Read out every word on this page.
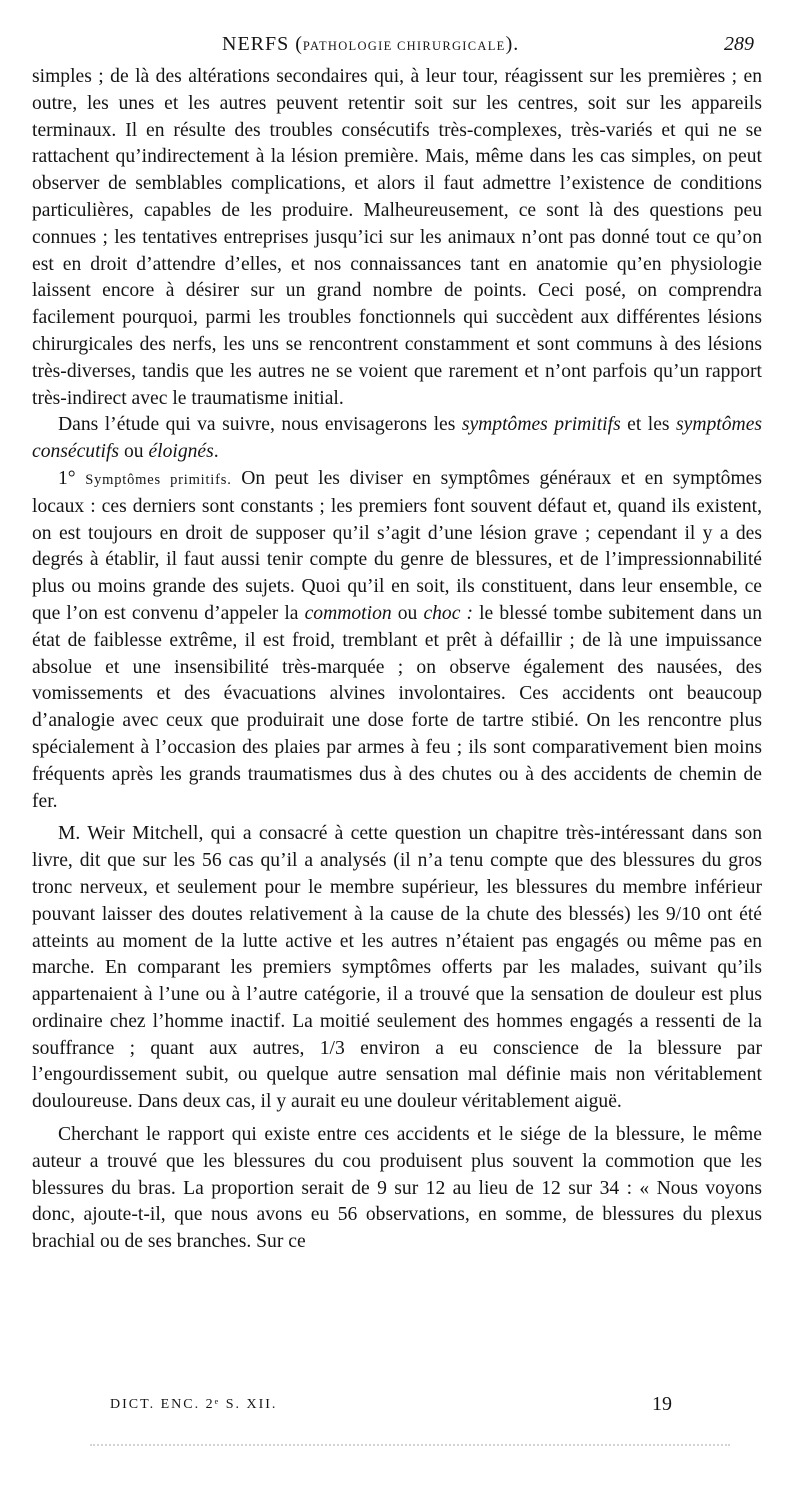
NERFS (PATHOLOGIE CHIRURGICALE).	289

simples ; de là des altérations secondaires qui, à leur tour, réagissent sur les premières ; en outre, les unes et les autres peuvent retentir soit sur les centres, soit sur les appareils terminaux. Il en résulte des troubles consécutifs très-complexes, très-variés et qui ne se rattachent qu’indirectement à la lésion première. Mais, même dans les cas simples, on peut observer de semblables complications, et alors il faut admettre l’existence de conditions particulières, capables de les produire. Malheureusement, ce sont là des questions peu connues ; les tentatives entreprises jusqu’ici sur les animaux n’ont pas donné tout ce qu’on est en droit d’attendre d’elles, et nos connaissances tant en anatomie qu’en physiologie laissent encore à désirer sur un grand nombre de points. Ceci posé, on comprendra facilement pourquoi, parmi les troubles fonctionnels qui succèdent aux différentes lésions chirurgicales des nerfs, les uns se rencontrent constamment et sont communs à des lésions très-diverses, tandis que les autres ne se voient que rarement et n’ont parfois qu’un rapport très-indirect avec le traumatisme initial.

Dans l’étude qui va suivre, nous envisagerons les symptômes primitifs et les symptômes consécutifs ou éloignés.

1° Symptômes primitifs. On peut les diviser en symptômes généraux et en symptômes locaux : ces derniers sont constants ; les premiers font souvent défaut et, quand ils existent, on est toujours en droit de supposer qu’il s’agit d’une lésion grave ; cependant il y a des degrés à établir, il faut aussi tenir compte du genre de blessures, et de l’impressionnabilité plus ou moins grande des sujets. Quoi qu’il en soit, ils constituent, dans leur ensemble, ce que l’on est convenu d’appeler la commotion ou choc : le blessé tombe subitement dans un état de faiblesse extrême, il est froid, tremblant et prêt à défaillir ; de là une impuissance absolue et une insensibilité très-marquée ; on observe également des nausées, des vomissements et des évacuations alvines involontaires. Ces accidents ont beaucoup d’analogie avec ceux que produirait une dose forte de tartre stibié. On les rencontre plus spécialement à l’occasion des plaies par armes à feu ; ils sont comparativement bien moins fréquents après les grands traumatismes dus à des chutes ou à des accidents de chemin de fer.

M. Weir Mitchell, qui a consacré à cette question un chapitre très-intéressant dans son livre, dit que sur les 56 cas qu’il a analysés (il n’a tenu compte que des blessures du gros tronc nerveux, et seulement pour le membre supérieur, les blessures du membre inférieur pouvant laisser des doutes relativement à la cause de la chute des blessés) les 9/10 ont été atteints au moment de la lutte active et les autres n’étaient pas engagés ou même pas en marche. En comparant les premiers symptômes offerts par les malades, suivant qu’ils appartenaient à l’une ou à l’autre catégorie, il a trouvé que la sensation de douleur est plus ordinaire chez l’homme inactif. La moitié seulement des hommes engagés a ressenti de la souffrance ; quant aux autres, 1/3 environ a eu conscience de la blessure par l’engourdissement subit, ou quelque autre sensation mal définie mais non véritablement douloureuse. Dans deux cas, il y aurait eu une douleur véritablement aiguë.

Cherchant le rapport qui existe entre ces accidents et le siége de la blessure, le même auteur a trouvé que les blessures du cou produisent plus souvent la commotion que les blessures du bras. La proportion serait de 9 sur 12 au lieu de 12 sur 34 : « Nous voyons donc, ajoute-t-il, que nous avons eu 56 observations, en somme, de blessures du plexus brachial ou de ses branches. Sur ce

DICT. ENC. 2ᵉ S. XII.	19
